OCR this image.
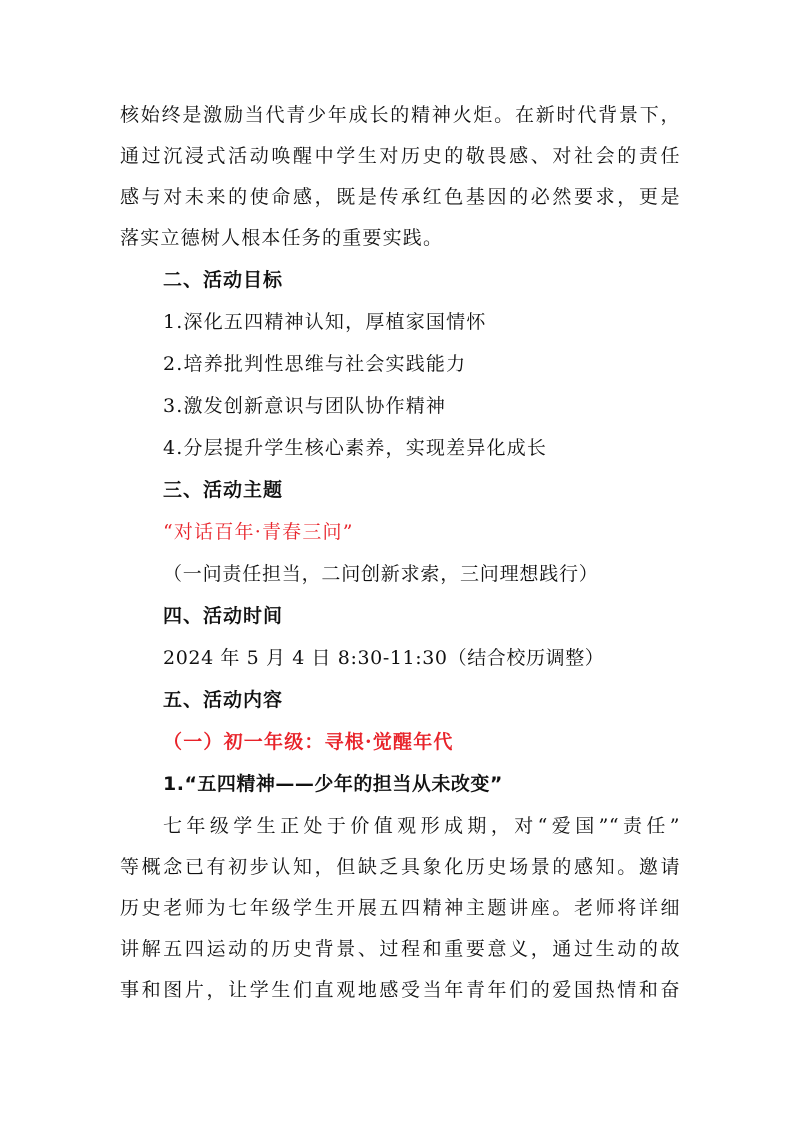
核始终是激励当代青少年成长的精神火炬。在新时代背景下，
通过沉浸式活动唤醒中学生对历史的敬畏感、对社会的责任
感与对未来的使命感，既是传承红色基因的必然要求，更是
落实立德树人根本任务的重要实践。
二、活动目标
1.深化五四精神认知，厚植家国情怀
2.培养批判性思维与社会实践能力
3.激发创新意识与团队协作精神
4.分层提升学生核心素养，实现差异化成长
三、活动主题
“对话百年·青春三问”
（一问责任担当，二问创新求索，三问理想践行）
四、活动时间
2024 年 5 月 4 日 8:30-11:30（结合校历调整）
五、活动内容
（一）初一年级：寻根·觉醒年代
1.“五四精神——少年的担当从未改变”
七年级学生正处于价值观形成期，对“爱国”“责任”
等概念已有初步认知，但缺乏具象化历史场景的感知。邀请
历史老师为七年级学生开展五四精神主题讲座。老师将详细
讲解五四运动的历史背景、过程和重要意义，通过生动的故
事和图片，让学生们直观地感受当年青年们的爱国热情和奋
